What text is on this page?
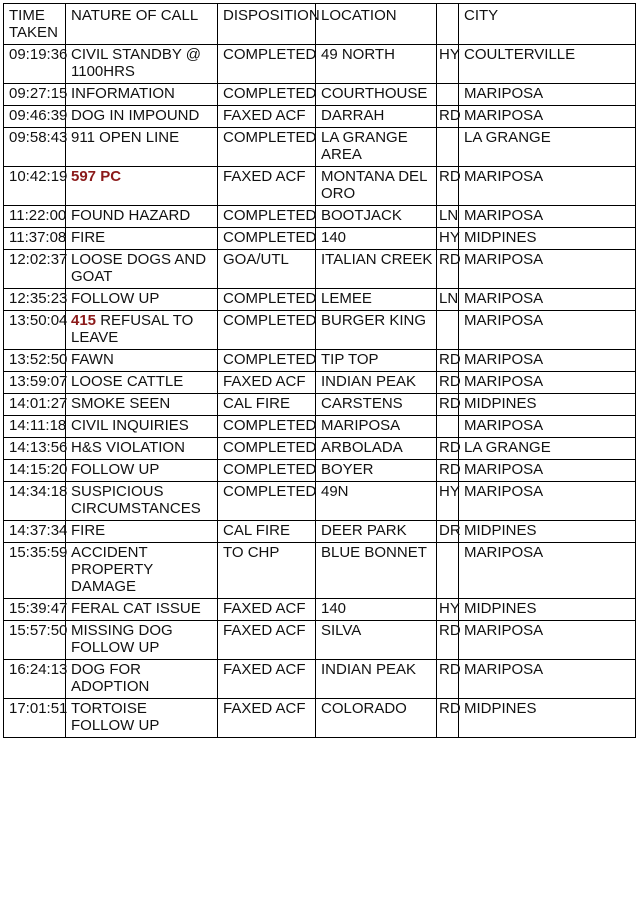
TIME TAKEN	NATURE OF CALL	DISPOSITION	LOCATION		CITY
09:19:36	CIVIL STANDBY @ 1100HRS	COMPLETED	49 NORTH	HY	COULTERVILLE
09:27:15	INFORMATION	COMPLETED	COURTHOUSE		MARIPOSA
09:46:39	DOG IN IMPOUND	FAXED ACF	DARRAH	RD	MARIPOSA
09:58:43	911 OPEN LINE	COMPLETED	LA GRANGE AREA		LA GRANGE
10:42:19	597 PC	FAXED ACF	MONTANA DEL ORO	RD	MARIPOSA
11:22:00	FOUND HAZARD	COMPLETED	BOOTJACK	LN	MARIPOSA
11:37:08	FIRE	COMPLETED	140	HY	MIDPINES
12:02:37	LOOSE DOGS AND GOAT	GOA/UTL	ITALIAN CREEK	RD	MARIPOSA
12:35:23	FOLLOW UP	COMPLETED	LEMEE	LN	MARIPOSA
13:50:04	415 REFUSAL TO LEAVE	COMPLETED	BURGER KING		MARIPOSA
13:52:50	FAWN	COMPLETED	TIP TOP	RD	MARIPOSA
13:59:07	LOOSE CATTLE	FAXED ACF	INDIAN PEAK	RD	MARIPOSA
14:01:27	SMOKE SEEN	CAL FIRE	CARSTENS	RD	MIDPINES
14:11:18	CIVIL INQUIRIES	COMPLETED	MARIPOSA		MARIPOSA
14:13:56	H&S VIOLATION	COMPLETED	ARBOLADA	RD	LA GRANGE
14:15:20	FOLLOW UP	COMPLETED	BOYER	RD	MARIPOSA
14:34:18	SUSPICIOUS CIRCUMSTANCES	COMPLETED	49N	HY	MARIPOSA
14:37:34	FIRE	CAL FIRE	DEER PARK	DR	MIDPINES
15:35:59	ACCIDENT PROPERTY DAMAGE	TO CHP	BLUE BONNET		MARIPOSA
15:39:47	FERAL CAT ISSUE	FAXED ACF	140	HY	MIDPINES
15:57:50	MISSING DOG FOLLOW UP	FAXED ACF	SILVA	RD	MARIPOSA
16:24:13	DOG FOR ADOPTION	FAXED ACF	INDIAN PEAK	RD	MARIPOSA
17:01:51	TORTOISE FOLLOW UP	FAXED ACF	COLORADO	RD	MIDPINES
